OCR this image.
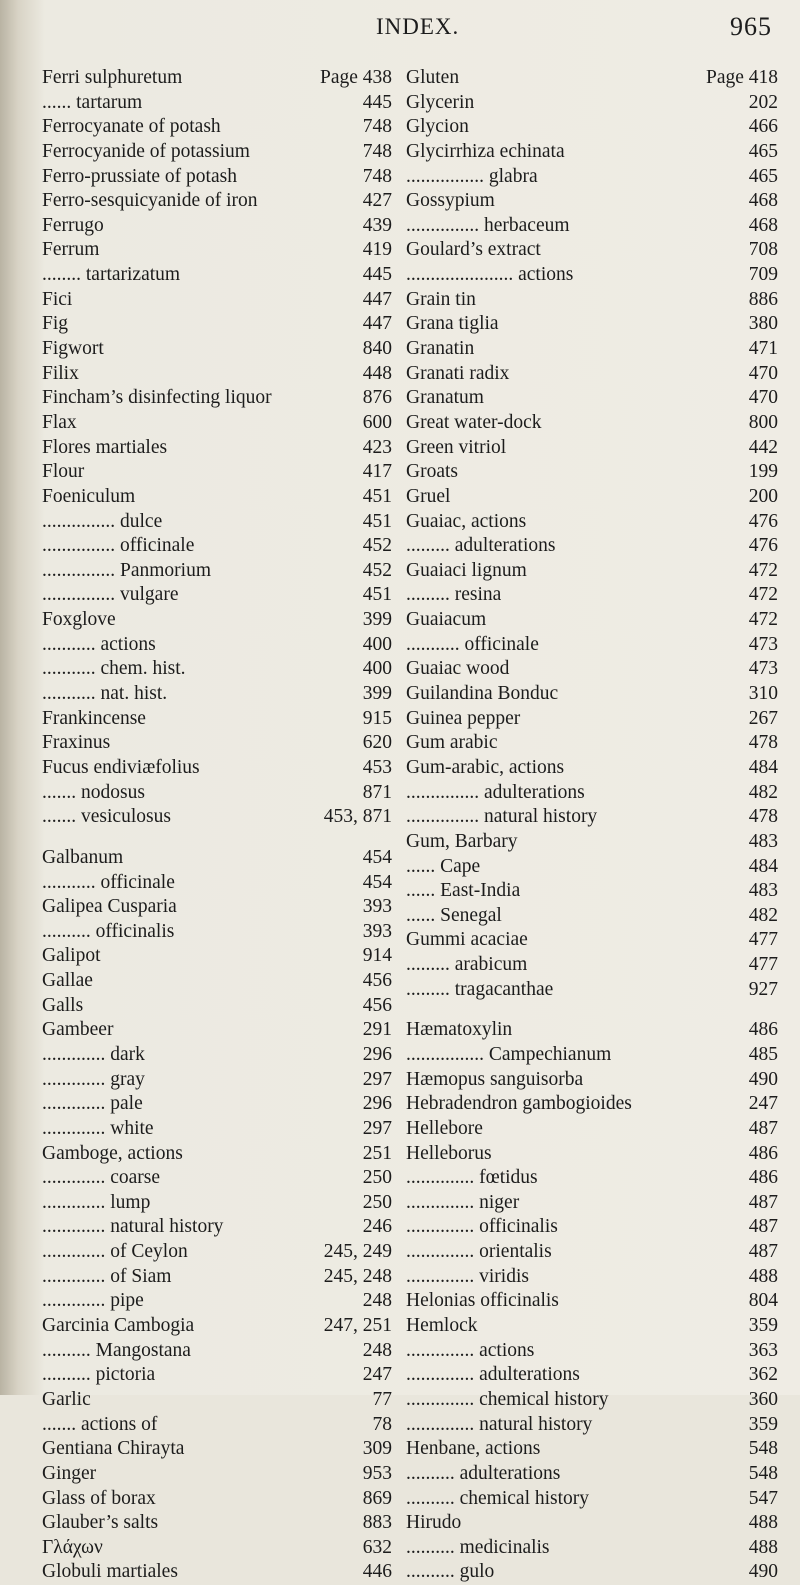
INDEX.	965
Ferri sulphuretum	Page 438
...... tartarum	445
Ferrocyanate of potash	748
Ferrocyanide of potassium	748
Ferro-prussiate of potash	748
Ferro-sesquicyanide of iron	427
Ferrugo	439
Ferrum	419
........ tartarizatum	445
Fici	447
Fig	447
Figwort	840
Filix	448
Fincham’s disinfecting liquor	876
Flax	600
Flores martiales	423
Flour	417
Foeniculum	451
............... dulce	451
............... officinale	452
............... Panmorium	452
............... vulgare	451
Foxglove	399
........... actions	400
........... chem. hist.	400
........... nat. hist.	399
Frankincense	915
Fraxinus	620
Fucus endiviæfolius	453
....... nodosus	871
....... vesiculosus	453, 871
Galbanum	454
........... officinale	454
Galipea Cusparia	393
.......... officinalis	393
Galipot	914
Gallae	456
Galls	456
Gambeer	291
............. dark	296
............. gray	297
............. pale	296
............. white	297
Gamboge, actions	251
............. coarse	250
............. lump	250
............. natural history	246
............. of Ceylon	245, 249
............. of Siam	245, 248
............. pipe	248
Garcinia Cambogia	247, 251
.......... Mangostana	248
.......... pictoria	247
Garlic	77
....... actions of	78
Gentiana Chirayta	309
Ginger	953
Glass of borax	869
Glauber’s salts	883
Γλάχων	632
Globuli martiales	446
Gluten	Page 418
Glycerin	202
Glycion	466
Glycirrhiza echinata	465
................ glabra	465
Gossypium	468
............... herbaceum	468
Goulard’s extract	708
...................... actions	709
Grain tin	886
Grana tiglia	380
Granatin	471
Granati radix	470
Granatum	470
Great water-dock	800
Green vitriol	442
Groats	199
Gruel	200
Guaiac, actions	476
......... adulterations	476
Guaiaci lignum	472
......... resina	472
Guaiacum	472
........... officinale	473
Guaiac wood	473
Guilandina Bonduc	310
Guinea pepper	267
Gum arabic	478
Gum-arabic, actions	484
............... adulterations	482
............... natural history	478
Gum, Barbary	483
...... Cape	484
...... East-India	483
...... Senegal	482
Gummi acaciae	477
......... arabicum	477
......... tragacanthae	927
Hæmatoxylin	486
................ Campechianum	485
Hæmopus sanguisorba	490
Hebradendron gambogioides	247
Hellebore	487
Helleborus	486
.............. fœtidus	486
.............. niger	487
.............. officinalis	487
.............. orientalis	487
.............. viridis	488
Helonias officinalis	804
Hemlock	359
.............. actions	363
.............. adulterations	362
.............. chemical history	360
.............. natural history	359
Henbane, actions	548
.......... adulterations	548
.......... chemical history	547
Hirudo	488
.......... medicinalis	488
.......... gulo	490
